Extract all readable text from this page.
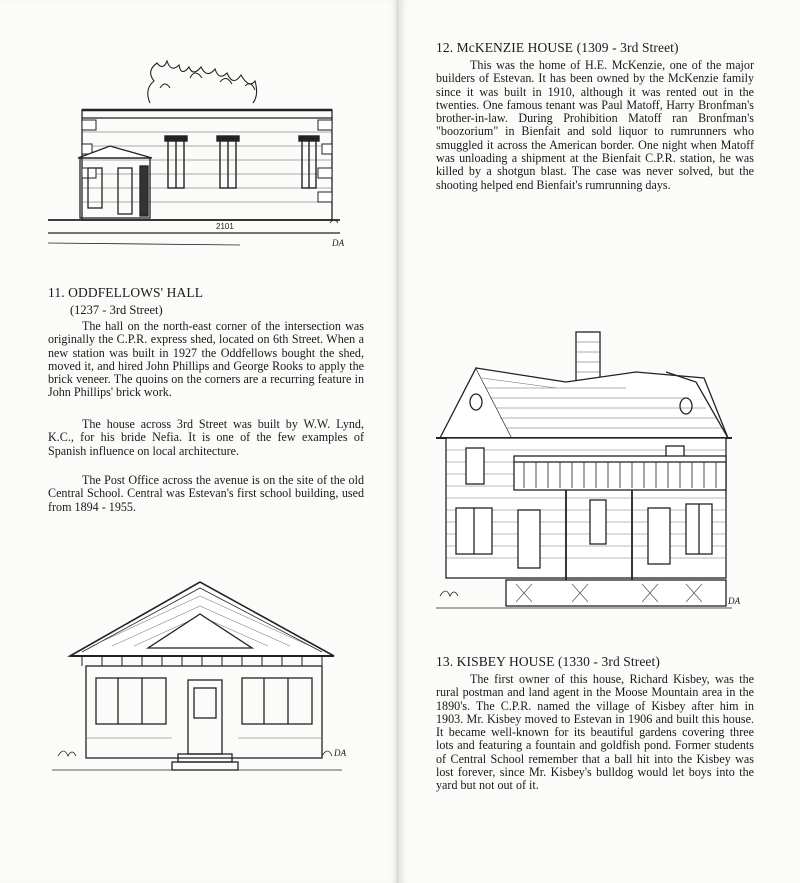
2101
DA
11. ODDFELLOWS' HALL
(1237 - 3rd Street)

The hall on the north-east corner of the intersection was originally the C.P.R. express shed, located on 6th Street. When a new station was built in 1927 the Oddfellows bought the shed, moved it, and hired John Phillips and George Rooks to apply the brick veneer. The quoins on the corners are a recurring feature in John Phillips' brick work.

The house across 3rd Street was built by W.W. Lynd, K.C., for his bride Nefia. It is one of the few examples of Spanish influence on local architecture.

The Post Office across the avenue is on the site of the old Central School. Central was Estevan's first school building, used from 1894 - 1955.

DA
12. McKENZIE HOUSE (1309 - 3rd Street)

This was the home of H.E. McKenzie, one of the major builders of Estevan. It has been owned by the McKenzie family since it was built in 1910, although it was rented out in the twenties. One famous tenant was Paul Matoff, Harry Bronfman's brother-in-law. During Prohibition Matoff ran Bronfman's "boozorium" in Bienfait and sold liquor to rumrunners who smuggled it across the American border. One night when Matoff was unloading a shipment at the Bienfait C.P.R. station, he was killed by a shotgun blast. The case was never solved, but the shooting helped end Bienfait's rumrunning days.

DA
13. KISBEY HOUSE (1330 - 3rd Street)

The first owner of this house, Richard Kisbey, was the rural postman and land agent in the Moose Mountain area in the 1890's. The C.P.R. named the village of Kisbey after him in 1903. Mr. Kisbey moved to Estevan in 1906 and built this house. It became well-known for its beautiful gardens covering three lots and featuring a fountain and goldfish pond. Former students of Central School remember that a ball hit into the Kisbey was lost forever, since Mr. Kisbey's bulldog would let boys into the yard but not out of it.
